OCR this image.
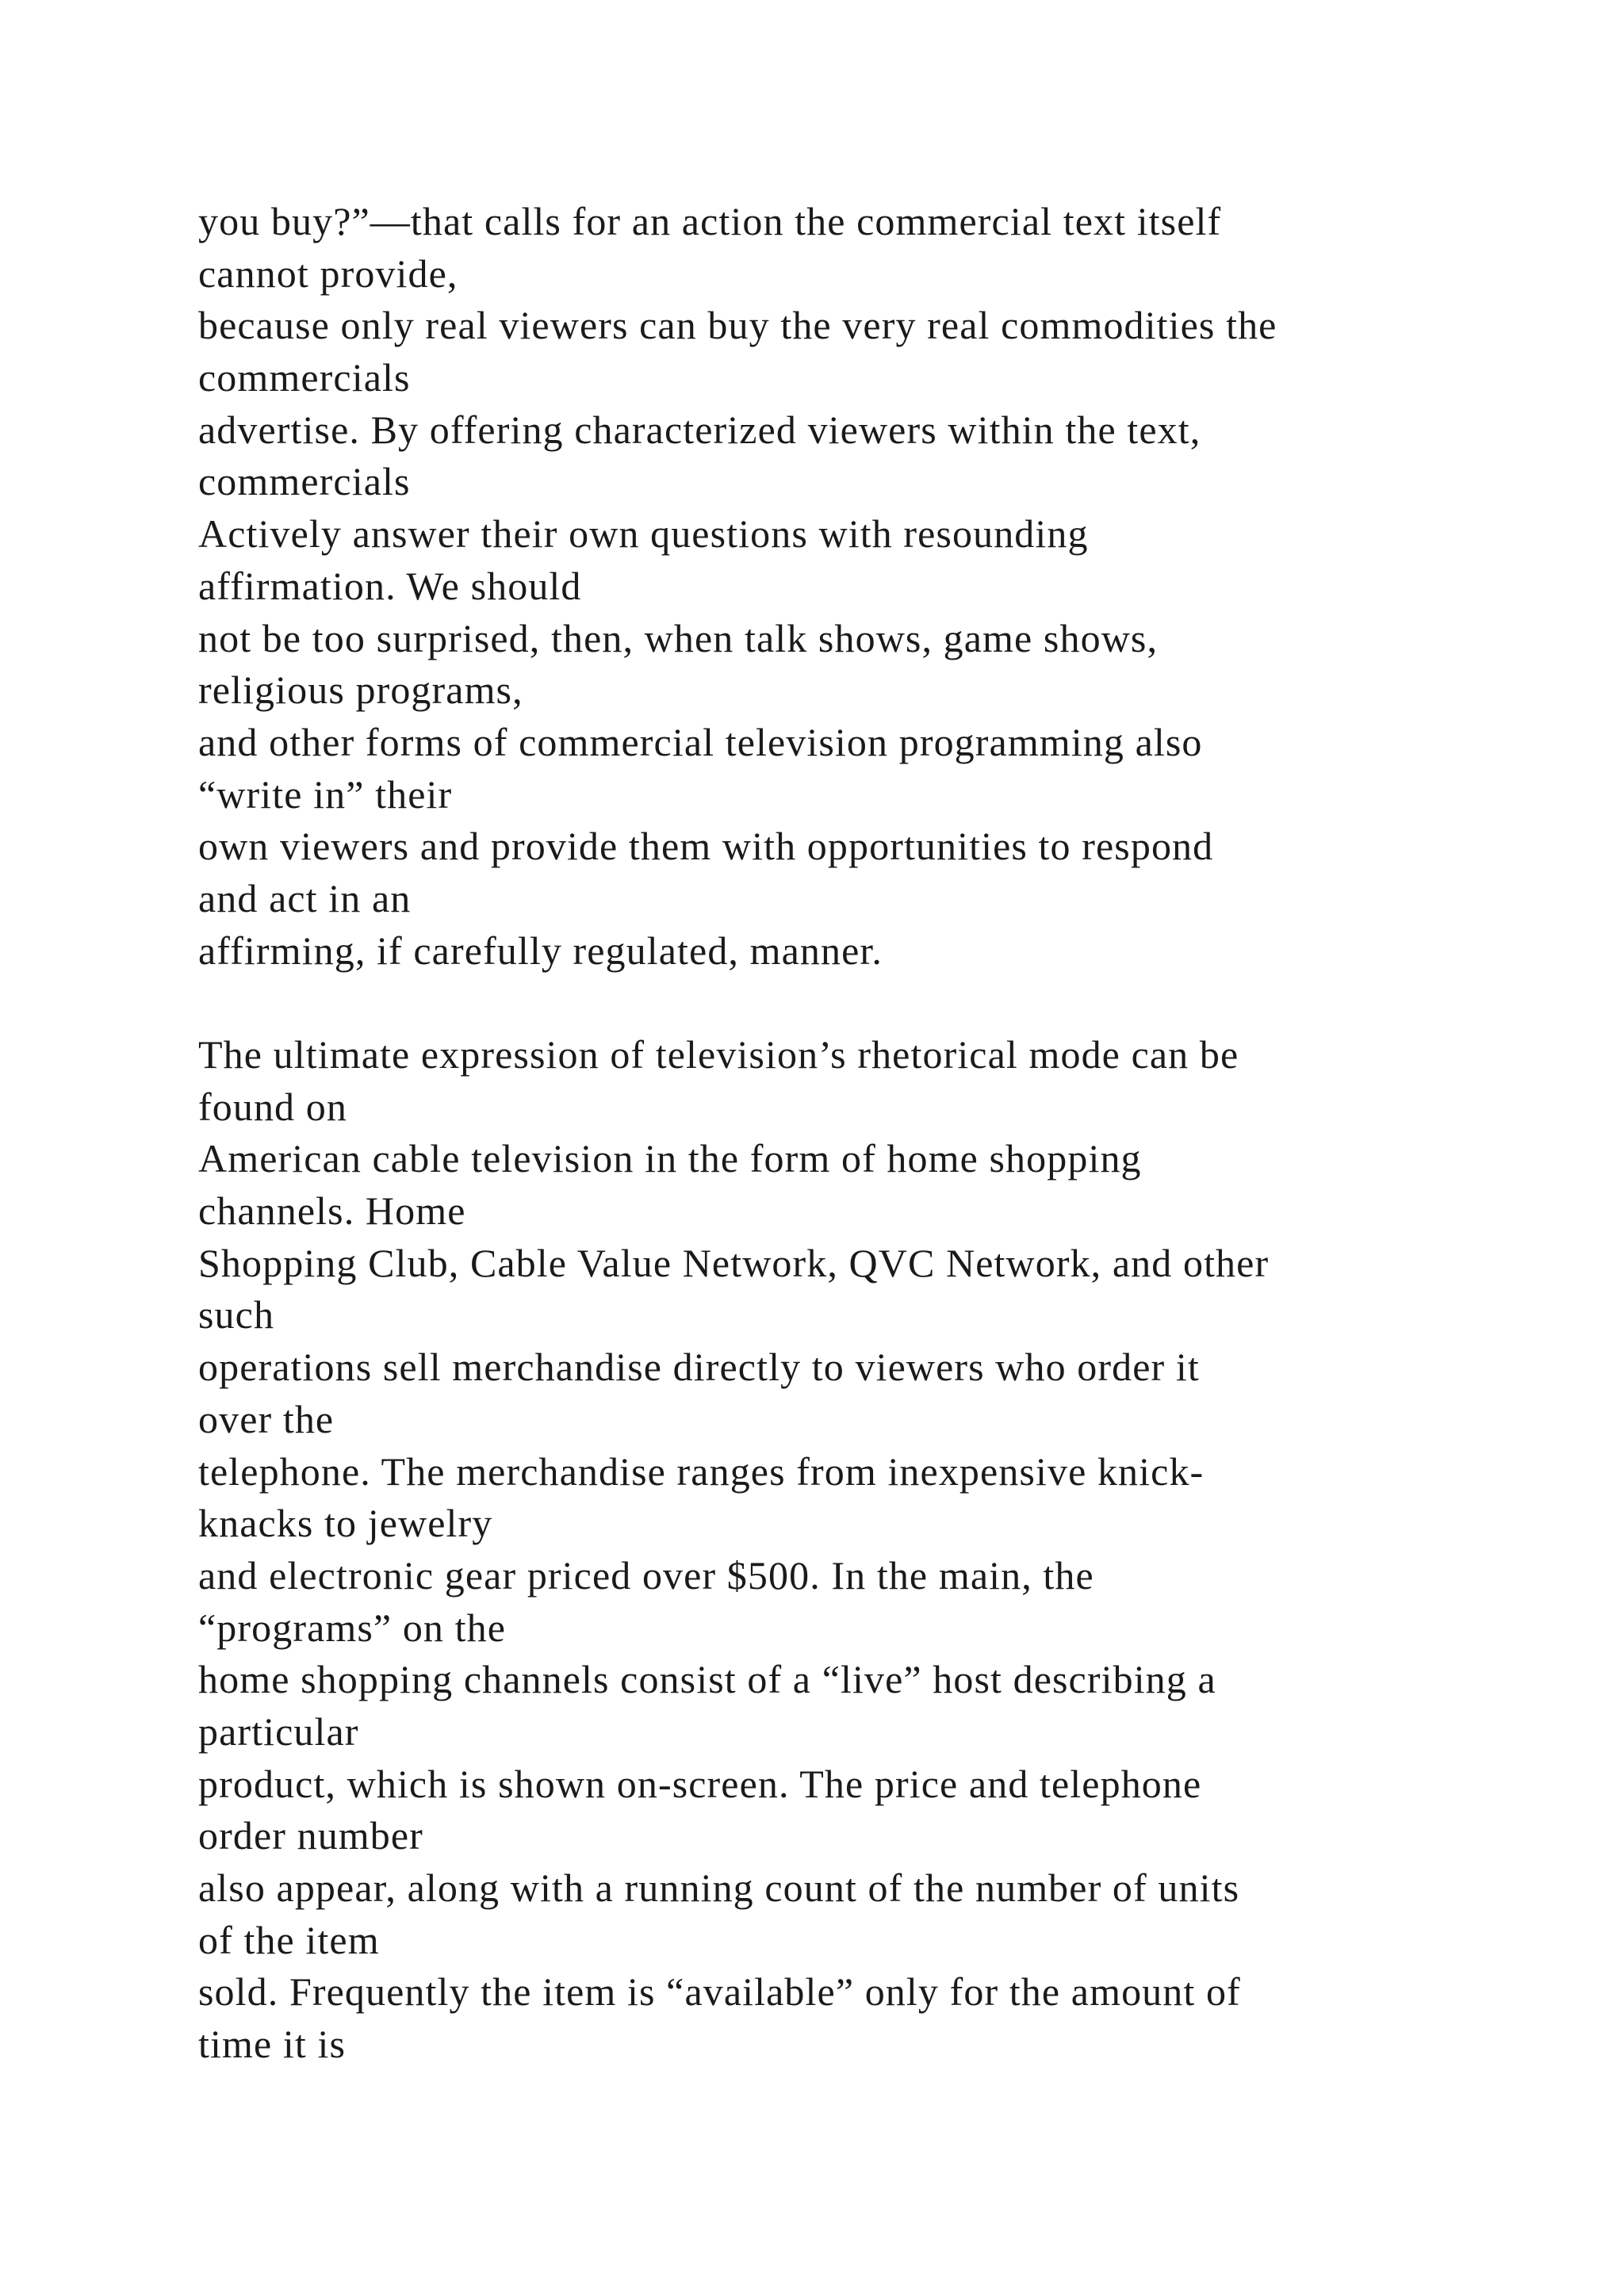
you buy?”—that calls for an action the commercial text itself
cannot provide,
because only real viewers can buy the very real commodities the
commercials
advertise. By offering characterized viewers within the text,
commercials
Actively answer their own questions with resounding
affirmation. We should
not be too surprised, then, when talk shows, game shows,
religious programs,
and other forms of commercial television programming also
“write in” their
own viewers and provide them with opportunities to respond
and act in an
affirming, if carefully regulated, manner.
The ultimate expression of television’s rhetorical mode can be
found on
American cable television in the form of home shopping
channels. Home
Shopping Club, Cable Value Network, QVC Network, and other
such
operations sell merchandise directly to viewers who order it
over the
telephone. The merchandise ranges from inexpensive knick-
knacks to jewelry
and electronic gear priced over $500. In the main, the
“programs” on the
home shopping channels consist of a “live” host describing a
particular
product, which is shown on-screen. The price and telephone
order number
also appear, along with a running count of the number of units
of the item
sold. Frequently the item is “available” only for the amount of
time it is
